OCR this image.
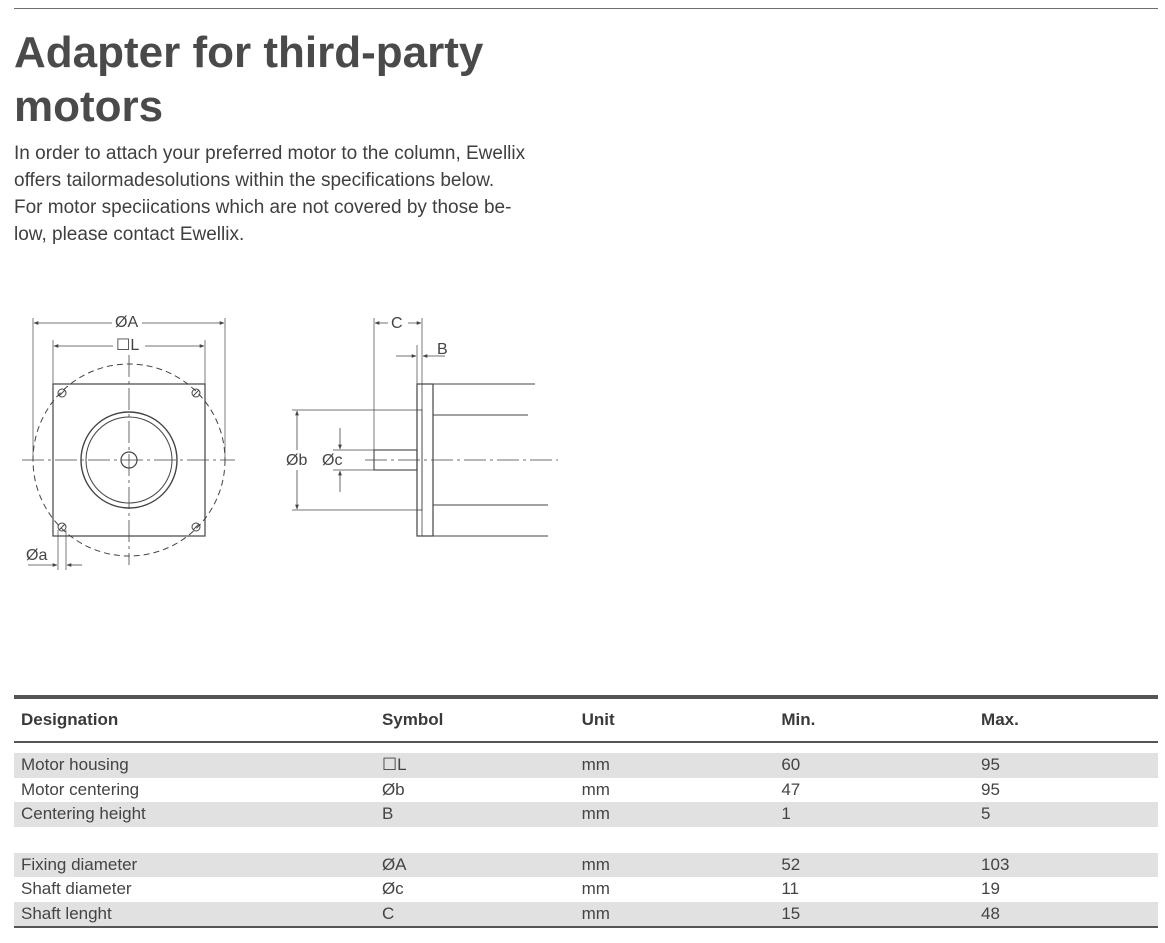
Adapter for third-party motors
In order to attach your preferred motor to the column, Ewellix
offers tailormadesolutions within the specifications below.
For motor speciications which are not covered by those be-
low, please contact Ewellix.
ØA
☐L
Øa
C
B
Øb Øc
Designation	Symbol	Unit	Min.	Max.
Motor housing	☐L	mm	60	95
Motor centering	Øb	mm	47	95
Centering height	B	mm	1	5
Fixing diameter	ØA	mm	52	103
Shaft diameter	Øc	mm	11	19
Shaft lenght	C	mm	15	48
